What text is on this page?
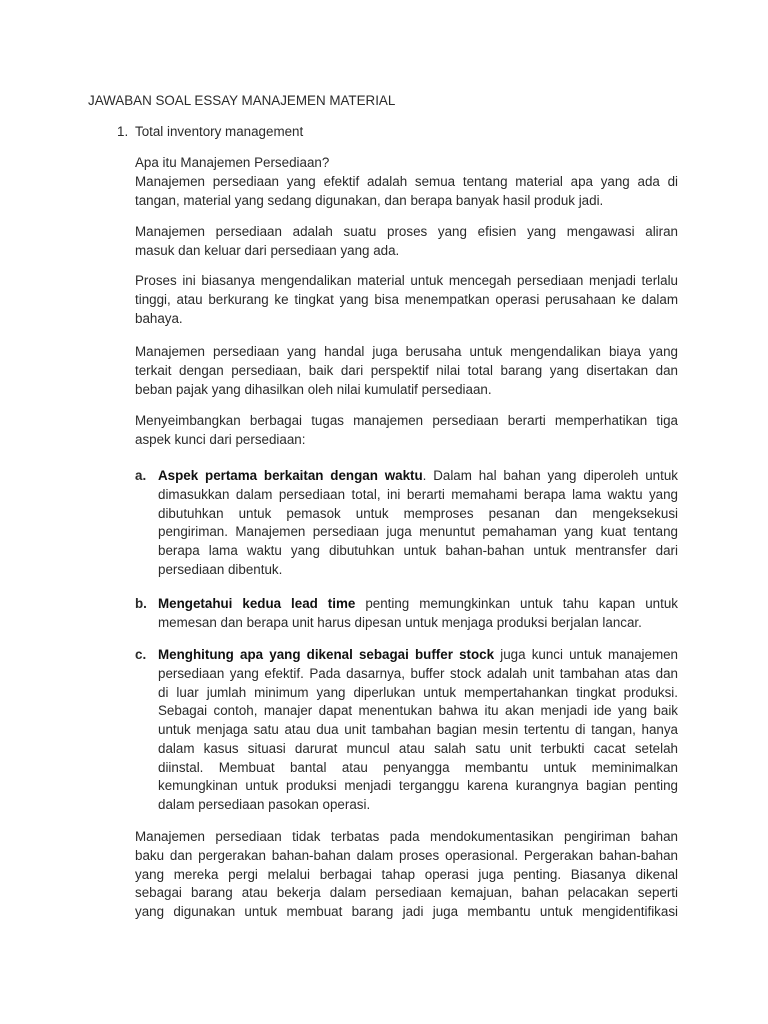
JAWABAN SOAL ESSAY MANAJEMEN MATERIAL
1. Total inventory management
Apa itu Manajemen Persediaan?
Manajemen persediaan yang efektif adalah semua tentang material apa yang ada di
tangan, material yang sedang digunakan, dan berapa banyak hasil produk jadi.
Manajemen persediaan adalah suatu proses yang efisien yang mengawasi aliran
masuk dan keluar dari persediaan yang ada.
Proses ini biasanya mengendalikan material untuk mencegah persediaan menjadi terlalu
tinggi, atau berkurang ke tingkat yang bisa menempatkan operasi perusahaan ke dalam
bahaya.
Manajemen persediaan yang handal juga berusaha untuk mengendalikan biaya yang
terkait dengan persediaan, baik dari perspektif nilai total barang yang disertakan dan
beban pajak yang dihasilkan oleh nilai kumulatif persediaan.
Menyeimbangkan berbagai tugas manajemen persediaan berarti memperhatikan tiga
aspek kunci dari persediaan:
a. Aspek pertama berkaitan dengan waktu. Dalam hal bahan yang diperoleh untuk
dimasukkan dalam persediaan total, ini berarti memahami berapa lama waktu yang
dibutuhkan untuk pemasok untuk memproses pesanan dan mengeksekusi
pengiriman. Manajemen persediaan juga menuntut pemahaman yang kuat tentang
berapa lama waktu yang dibutuhkan untuk bahan-bahan untuk mentransfer dari
persediaan dibentuk.
b. Mengetahui kedua lead time penting memungkinkan untuk tahu kapan untuk
memesan dan berapa unit harus dipesan untuk menjaga produksi berjalan lancar.
c. Menghitung apa yang dikenal sebagai buffer stock juga kunci untuk manajemen
persediaan yang efektif. Pada dasarnya, buffer stock adalah unit tambahan atas dan
di luar jumlah minimum yang diperlukan untuk mempertahankan tingkat produksi.
Sebagai contoh, manajer dapat menentukan bahwa itu akan menjadi ide yang baik
untuk menjaga satu atau dua unit tambahan bagian mesin tertentu di tangan, hanya
dalam kasus situasi darurat muncul atau salah satu unit terbukti cacat setelah
diinstal. Membuat bantal atau penyangga membantu untuk meminimalkan
kemungkinan untuk produksi menjadi terganggu karena kurangnya bagian penting
dalam persediaan pasokan operasi.
Manajemen persediaan tidak terbatas pada mendokumentasikan pengiriman bahan
baku dan pergerakan bahan-bahan dalam proses operasional. Pergerakan bahan-bahan
yang mereka pergi melalui berbagai tahap operasi juga penting. Biasanya dikenal
sebagai barang atau bekerja dalam persediaan kemajuan, bahan pelacakan seperti
yang digunakan untuk membuat barang jadi juga membantu untuk mengidentifikasi
